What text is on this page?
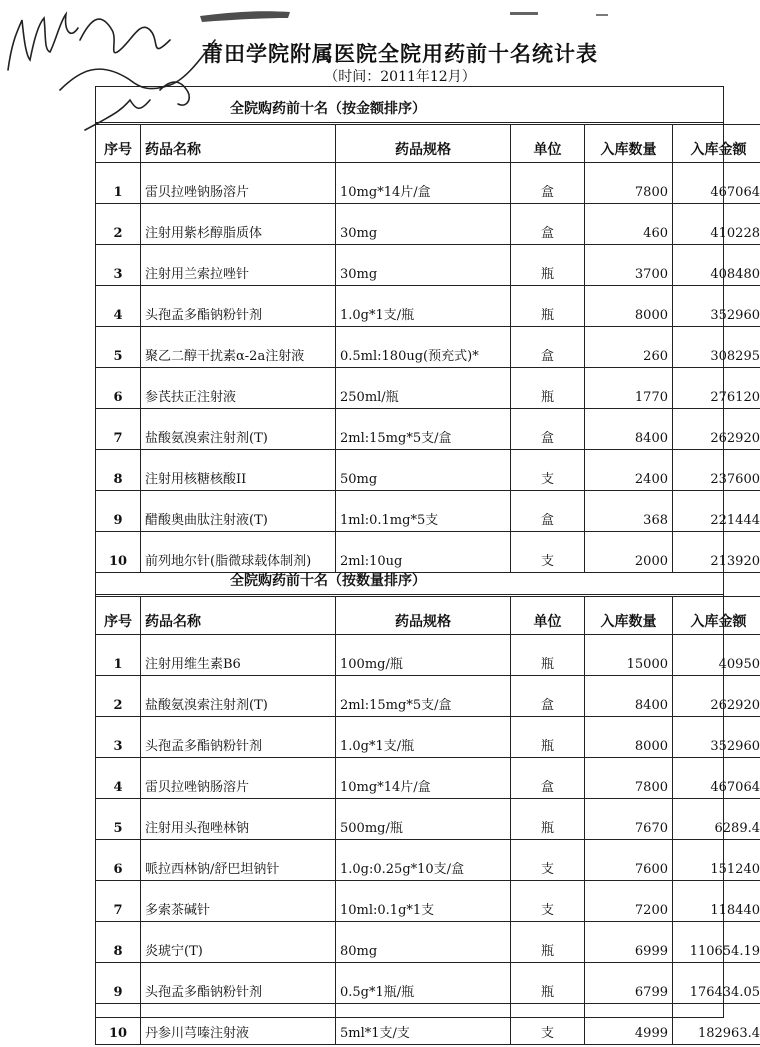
莆田学院附属医院全院用药前十名统计表
（时间：2011年12月）
全院购药前十名（按金额排序）
序号	药品名称	药品规格	单位	入库数量	入库金额
1	雷贝拉唑钠肠溶片	10mg*14片/盒	盒	7800	467064
2	注射用紫杉醇脂质体	30mg	盒	460	410228
3	注射用兰索拉唑针	30mg	瓶	3700	408480
4	头孢孟多酯钠粉针剂	1.0g*1支/瓶	瓶	8000	352960
5	聚乙二醇干扰素α-2a注射液	0.5ml:180ug(预充式)*	盒	260	308295
6	参芪扶正注射液	250ml/瓶	瓶	1770	276120
7	盐酸氨溴索注射剂(T)	2ml:15mg*5支/盒	盒	8400	262920
8	注射用核糖核酸II	50mg	支	2400	237600
9	醋酸奥曲肽注射液(T)	1ml:0.1mg*5支	盒	368	221444
10	前列地尔针(脂微球载体制剂)	2ml:10ug	支	2000	213920
全院购药前十名（按数量排序）
序号	药品名称	药品规格	单位	入库数量	入库金额
1	注射用维生素B6	100mg/瓶	瓶	15000	40950
2	盐酸氨溴索注射剂(T)	2ml:15mg*5支/盒	盒	8400	262920
3	头孢孟多酯钠粉针剂	1.0g*1支/瓶	瓶	8000	352960
4	雷贝拉唑钠肠溶片	10mg*14片/盒	盒	7800	467064
5	注射用头孢唑林钠	500mg/瓶	瓶	7670	6289.4
6	哌拉西林钠/舒巴坦钠针	1.0g:0.25g*10支/盒	支	7600	151240
7	多索茶碱针	10ml:0.1g*1支	支	7200	118440
8	炎琥宁(T)	80mg	瓶	6999	110654.19
9	头孢孟多酯钠粉针剂	0.5g*1瓶/瓶	瓶	6799	176434.05
10	丹参川芎嗪注射液	5ml*1支/支	支	4999	182963.4
